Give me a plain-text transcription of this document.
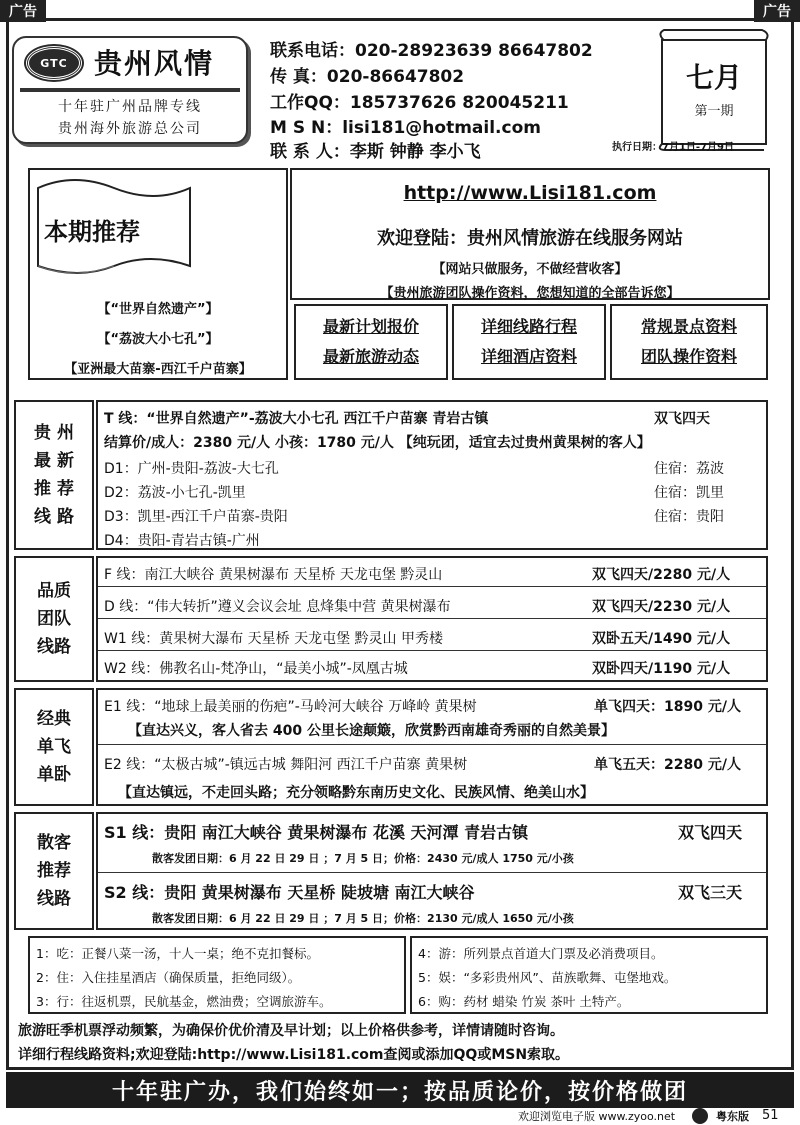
广告	广告
GTC 贵州风情
十年驻广州品牌专线
贵州海外旅游总公司
联系电话：020-28923639 86647802
传 真：020-86647802
工作QQ：185737626 820045211
M S N：lisi181@hotmail.com
联 系 人：李斯 钟静 李小飞
七月
第一期
执行日期：7月1日-7月9日
本期推荐
【“世界自然遗产”】
【“荔波大小七孔”】
【亚洲最大苗寨-西江千户苗寨】
http://www.Lisi181.com
欢迎登陆：贵州风情旅游在线服务网站
【网站只做服务，不做经营收客】
【贵州旅游团队操作资料，您想知道的全部告诉您】
最新计划报价
最新旅游动态
详细线路行程
详细酒店资料
常规景点资料
团队操作资料
贵 州
最 新
推 荐
线 路
T 线：“世界自然遗产”-荔波大小七孔 西江千户苗寨 青岩古镇	双飞四天
结算价/成人：2380 元/人 小孩：1780 元/人 【纯玩团，适宜去过贵州黄果树的客人】
D1：广州-贵阳-荔波-大七孔	住宿：荔波
D2：荔波-小七孔-凯里	住宿：凯里
D3：凯里-西江千户苗寨-贵阳	住宿：贵阳
D4：贵阳-青岩古镇-广州
品质
团队
线路
F 线：南江大峡谷 黄果树瀑布 天星桥 天龙屯堡 黔灵山	双飞四天/2280 元/人
D 线：“伟大转折”遵义会议会址 息烽集中营 黄果树瀑布	双飞四天/2230 元/人
W1 线：黄果树大瀑布 天星桥 天龙屯堡 黔灵山 甲秀楼	双卧五天/1490 元/人
W2 线：佛教名山-梵净山，“最美小城”-凤凰古城	双卧四天/1190 元/人
经典
单飞
单卧
E1 线：“地球上最美丽的伤疤”-马岭河大峡谷 万峰岭 黄果树	单飞四天：1890 元/人
【直达兴义，客人省去 400 公里长途颠簸，欣赏黔西南雄奇秀丽的自然美景】
E2 线：“太极古城”-镇远古城 舞阳河 西江千户苗寨 黄果树	单飞五天：2280 元/人
【直达镇远，不走回头路；充分领略黔东南历史文化、民族风情、绝美山水】
散客
推荐
线路
S1 线：贵阳 南江大峡谷 黄果树瀑布 花溪 天河潭 青岩古镇	双飞四天
散客发团日期：6 月 22 日 29 日 ；7 月 5 日；价格：2430 元/成人 1750 元/小孩
S2 线：贵阳 黄果树瀑布 天星桥 陡坡塘 南江大峡谷	双飞三天
散客发团日期：6 月 22 日 29 日 ；7 月 5 日；价格：2130 元/成人 1650 元/小孩
1：吃：正餐八菜一汤，十人一桌；绝不克扣餐标。
2：住：入住挂星酒店（确保质量，拒绝同级）。
3：行：往返机票，民航基金，燃油费；空调旅游车。
4：游：所列景点首道大门票及必消费项目。
5：娱：“多彩贵州风”、苗族歌舞、屯堡地戏。
6：购：药材 蜡染 竹炭 茶叶 土特产。
旅游旺季机票浮动频繁，为确保价优价清及早计划；以上价格供参考，详情请随时咨询。
详细行程线路资料;欢迎登陆:http://www.Lisi181.com查阅或添加QQ或MSN索取。
十年驻广办，我们始终如一；按品质论价，按价格做团
欢迎浏览电子版 www.zyoo.net	粤东版 51
